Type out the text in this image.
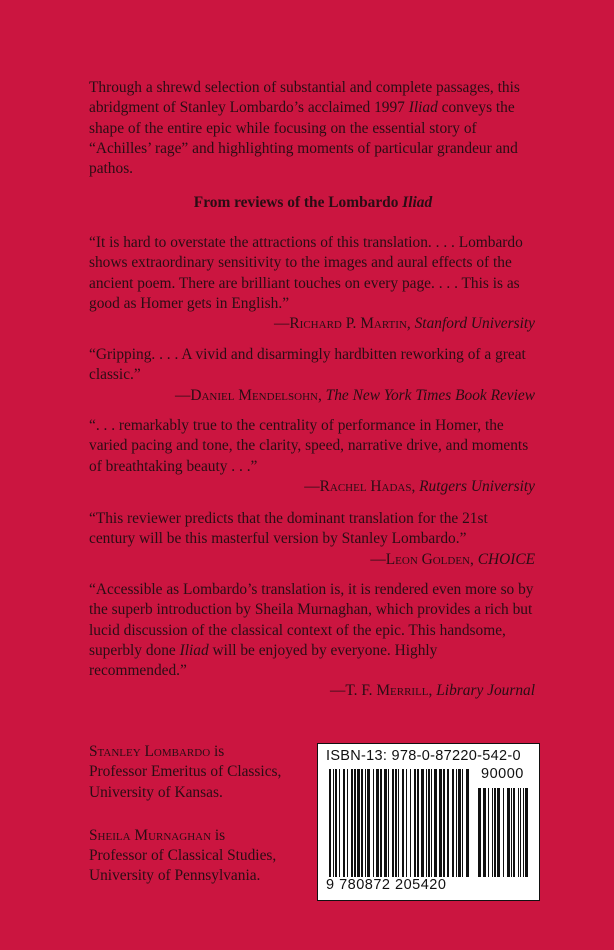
Through a shrewd selection of substantial and complete passages, this abridgment of Stanley Lombardo’s acclaimed 1997 Iliad conveys the shape of the entire epic while focusing on the essential story of “Achilles’ rage” and highlighting moments of particular grandeur and pathos.

From reviews of the Lombardo Iliad

“It is hard to overstate the attractions of this translation. . . . Lombardo shows extraordinary sensitivity to the images and aural effects of the ancient poem. There are brilliant touches on every page. . . . This is as good as Homer gets in English.”

—Richard P. Martin, Stanford University

“Gripping. . . . A vivid and disarmingly hardbitten reworking of a great classic.”

—Daniel Mendelsohn, The New York Times Book Review

“. . . remarkably true to the centrality of performance in Homer, the varied pacing and tone, the clarity, speed, narrative drive, and moments of breathtaking beauty . . .”

—Rachel Hadas, Rutgers University

“This reviewer predicts that the dominant translation for the 21st century will be this masterful version by Stanley Lombardo.”

—Leon Golden, CHOICE

“Accessible as Lombardo’s translation is, it is rendered even more so by the superb introduction by Sheila Murnaghan, which provides a rich but lucid discussion of the classical context of the epic. This handsome, superbly done Iliad will be enjoyed by everyone. Highly recommended.”

—T. F. Merrill, Library Journal

Stanley Lombardo is
Professor Emeritus of Classics,
University of Kansas.
Sheila Murnaghan is
Professor of Classical Studies,
University of Pennsylvania.
ISBN-13: 978-0-87220-542-0
90000
9 780872 205420
